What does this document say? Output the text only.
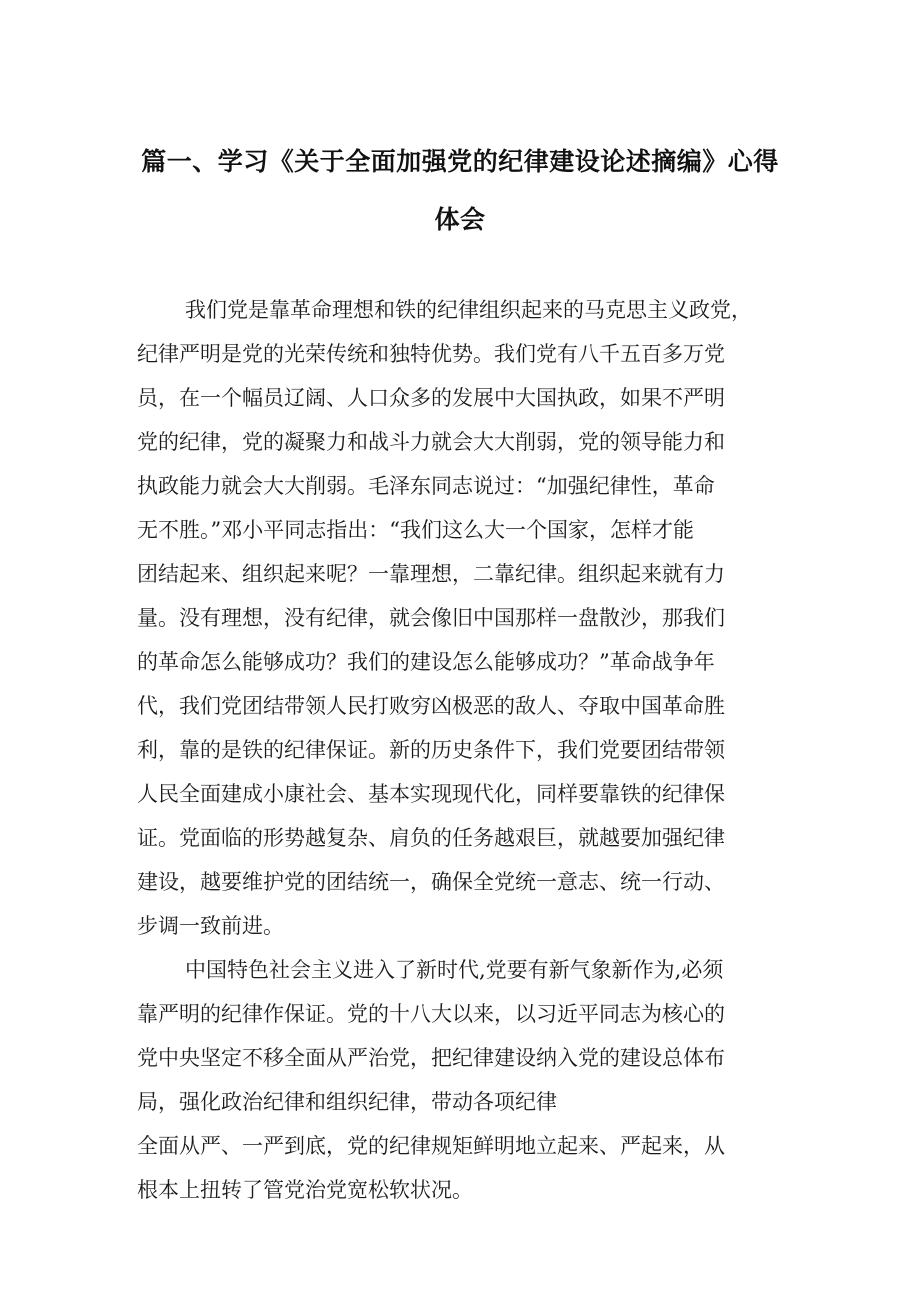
篇一、学习《关于全面加强党的纪律建设论述摘编》心得
体会
我们党是靠革命理想和铁的纪律组织起来的马克思主义政党，
纪律严明是党的光荣传统和独特优势。我们党有八千五百多万党
员，在一个幅员辽阔、人口众多的发展中大国执政，如果不严明
党的纪律，党的凝聚力和战斗力就会大大削弱，党的领导能力和
执政能力就会大大削弱。毛泽东同志说过：“加强纪律性，革命
无不胜。”邓小平同志指出：“我们这么大一个国家，怎样才能
团结起来、组织起来呢？一靠理想，二靠纪律。组织起来就有力
量。没有理想，没有纪律，就会像旧中国那样一盘散沙，那我们
的革命怎么能够成功？我们的建设怎么能够成功？”革命战争年
代，我们党团结带领人民打败穷凶极恶的敌人、夺取中国革命胜
利，靠的是铁的纪律保证。新的历史条件下，我们党要团结带领
人民全面建成小康社会、基本实现现代化，同样要靠铁的纪律保
证。党面临的形势越复杂、肩负的任务越艰巨，就越要加强纪律
建设，越要维护党的团结统一，确保全党统一意志、统一行动、
步调一致前进。
中国特色社会主义进入了新时代,党要有新气象新作为,必须
靠严明的纪律作保证。党的十八大以来，以习近平同志为核心的
党中央坚定不移全面从严治党，把纪律建设纳入党的建设总体布
局，强化政治纪律和组织纪律，带动各项纪律
全面从严、一严到底，党的纪律规矩鲜明地立起来、严起来，从
根本上扭转了管党治党宽松软状况。
